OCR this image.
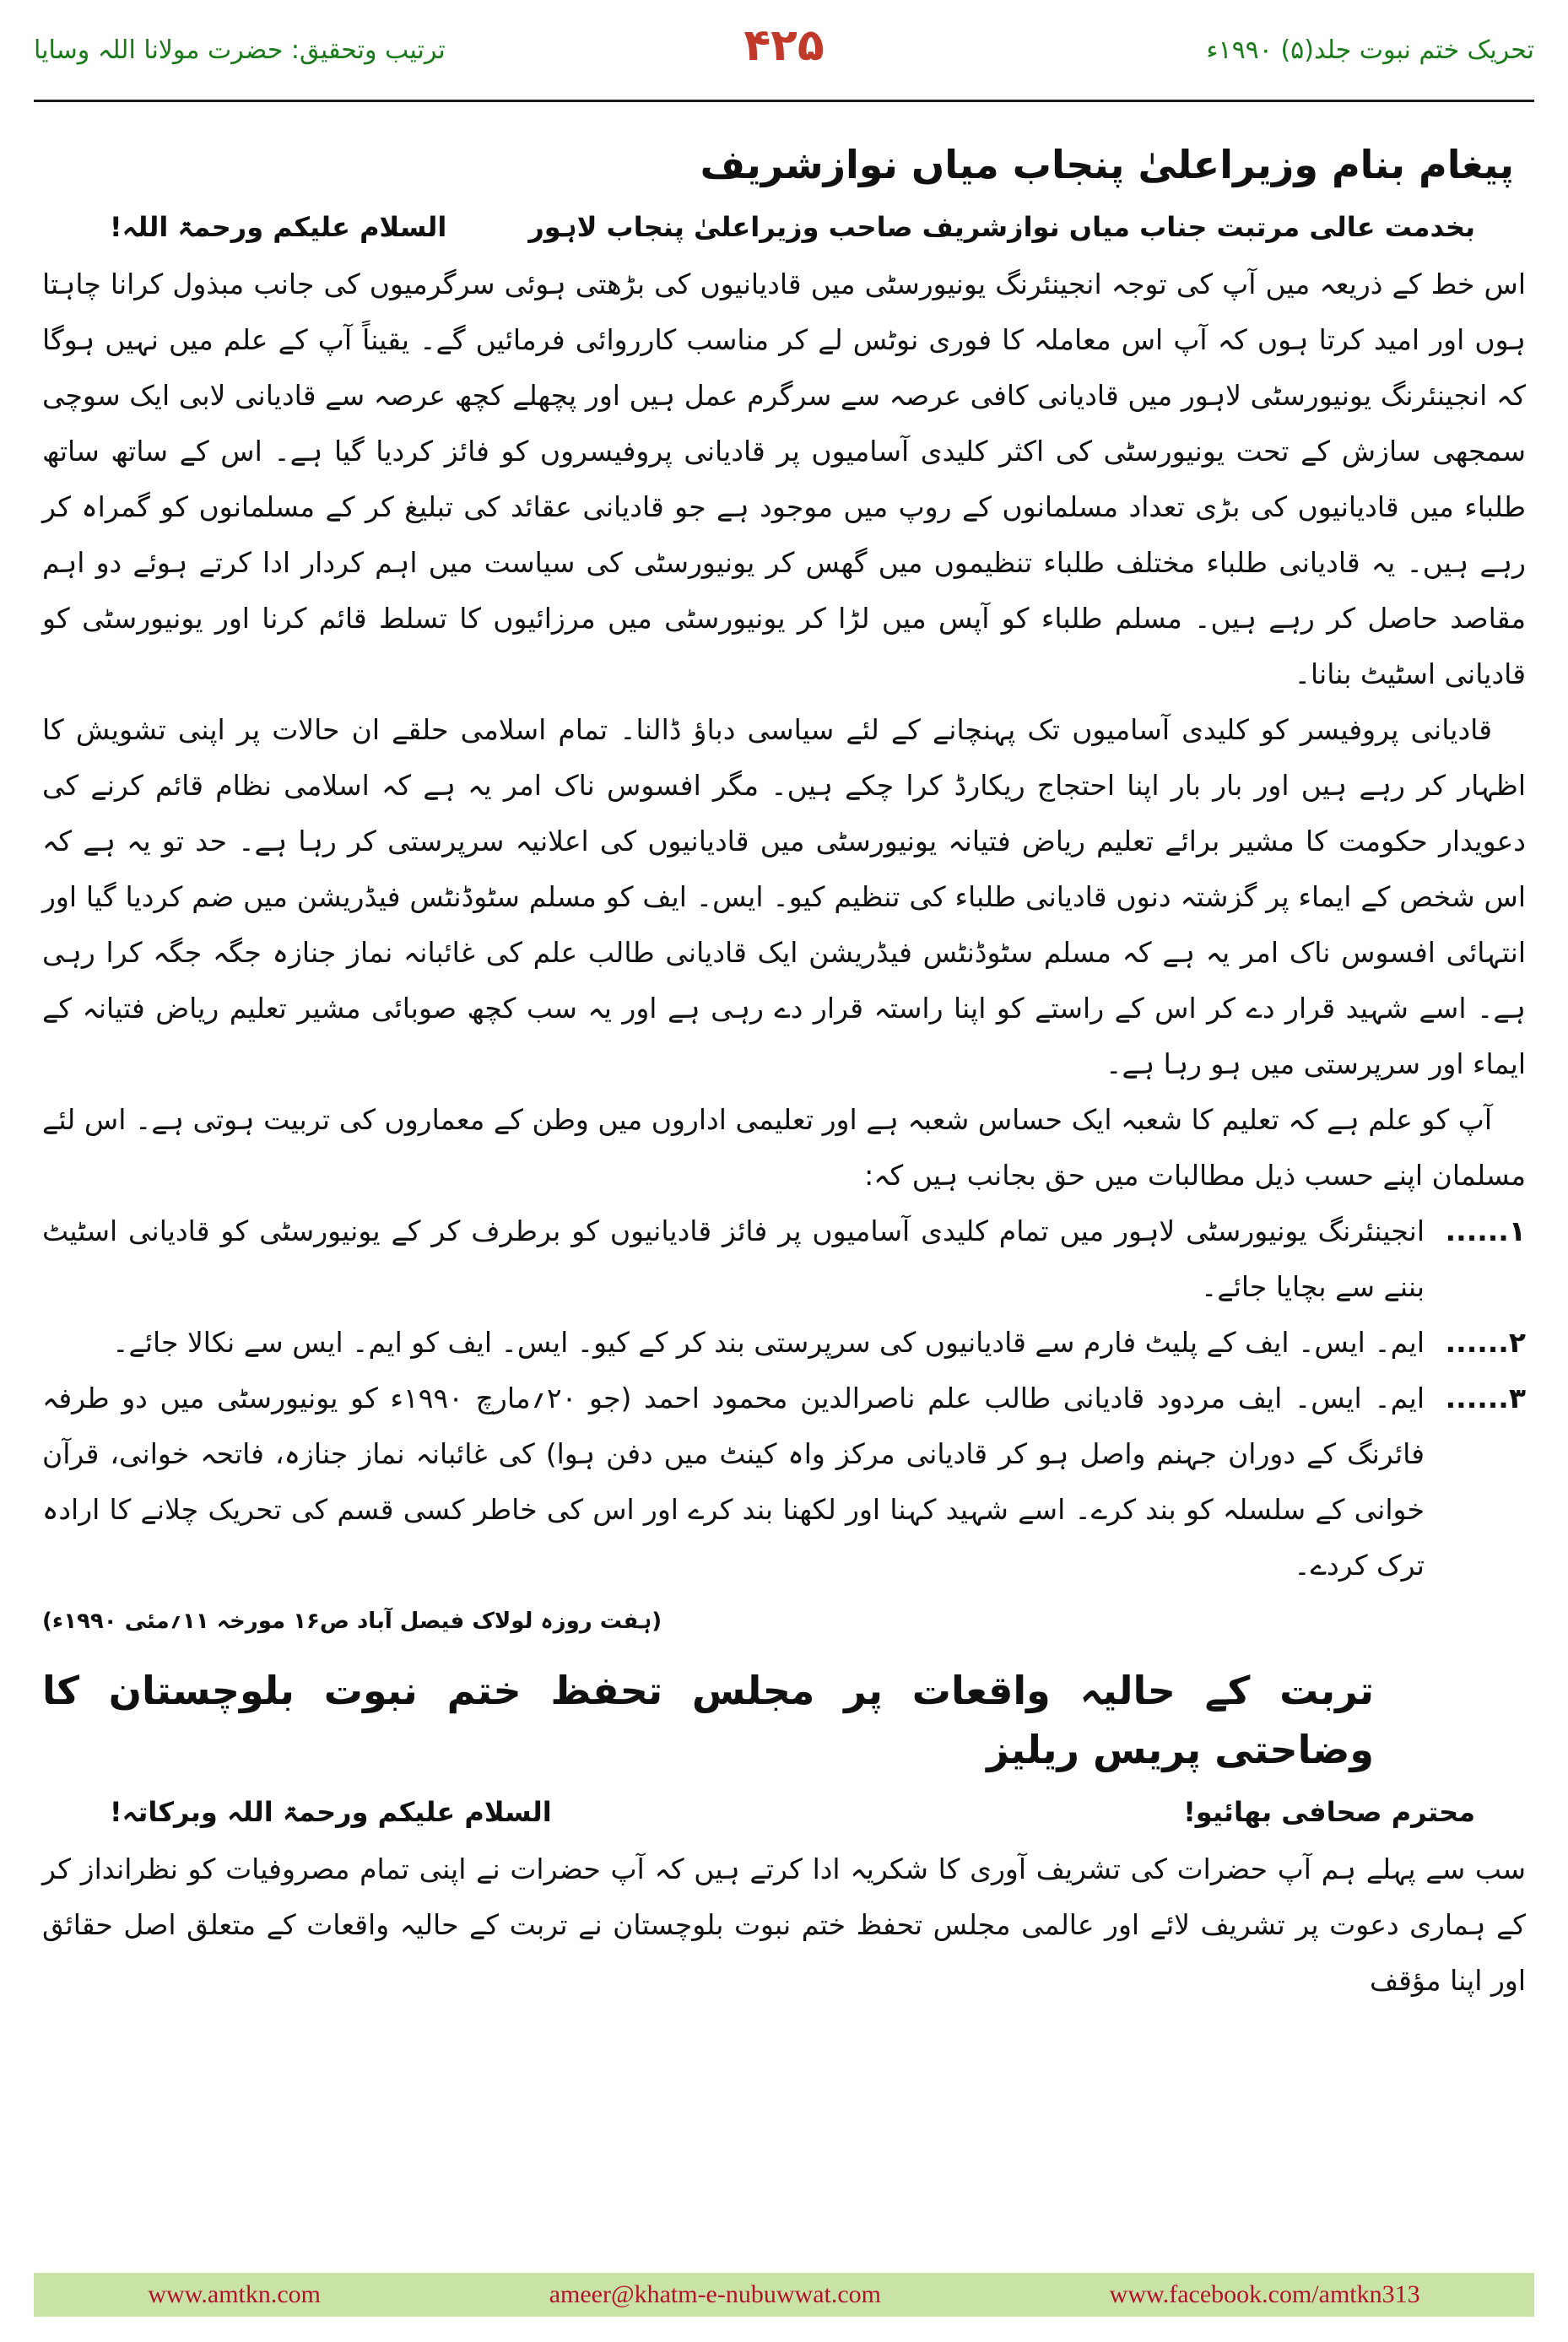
ترتیب وتحقیق: حضرت مولانا اللہ وسایا	۴۲۵	تحریک ختم نبوت جلد(۵) ۱۹۹۰ء
پیغام بنام وزیراعلیٰ پنجاب میاں نوازشریف
بخدمت عالی مرتبت جناب میاں نوازشریف صاحب وزیراعلیٰ پنجاب لاہور
السلام علیکم ورحمۃ اللہ!

اس خط کے ذریعہ میں آپ کی توجہ انجینئرنگ یونیورسٹی میں قادیانیوں کی بڑھتی ہوئی سرگرمیوں کی جانب مبذول کرانا چاہتا ہوں اور امید کرتا ہوں کہ آپ اس معاملہ کا فوری نوٹس لے کر مناسب کارروائی فرمائیں گے۔ یقیناً آپ کے علم میں نہیں ہوگا کہ انجینئرنگ یونیورسٹی لاہور میں قادیانی کافی عرصہ سے سرگرم عمل ہیں اور پچھلے کچھ عرصہ سے قادیانی لابی ایک سوچی سمجھی سازش کے تحت یونیورسٹی کی اکثر کلیدی آسامیوں پر قادیانی پروفیسروں کو فائز کردیا گیا ہے۔ اس کے ساتھ ساتھ طلباء میں قادیانیوں کی بڑی تعداد مسلمانوں کے روپ میں موجود ہے جو قادیانی عقائد کی تبلیغ کر کے مسلمانوں کو گمراہ کر رہے ہیں۔ یہ قادیانی طلباء مختلف طلباء تنظیموں میں گھس کر یونیورسٹی کی سیاست میں اہم کردار ادا کرتے ہوئے دو اہم مقاصد حاصل کر رہے ہیں۔ مسلم طلباء کو آپس میں لڑا کر یونیورسٹی میں مرزائیوں کا تسلط قائم کرنا اور یونیورسٹی کو قادیانی اسٹیٹ بنانا۔

قادیانی پروفیسر کو کلیدی آسامیوں تک پہنچانے کے لئے سیاسی دباؤ ڈالنا۔ تمام اسلامی حلقے ان حالات پر اپنی تشویش کا اظہار کر رہے ہیں اور بار بار اپنا احتجاج ریکارڈ کرا چکے ہیں۔ مگر افسوس ناک امر یہ ہے کہ اسلامی نظام قائم کرنے کی دعویدار حکومت کا مشیر برائے تعلیم ریاض فتیانہ یونیورسٹی میں قادیانیوں کی اعلانیہ سرپرستی کر رہا ہے۔ حد تو یہ ہے کہ اس شخص کے ایماء پر گزشتہ دنوں قادیانی طلباء کی تنظیم کیو۔ ایس۔ ایف کو مسلم سٹوڈنٹس فیڈریشن میں ضم کردیا گیا اور انتہائی افسوس ناک امر یہ ہے کہ مسلم سٹوڈنٹس فیڈریشن ایک قادیانی طالب علم کی غائبانہ نماز جنازہ جگہ جگہ کرا رہی ہے۔ اسے شہید قرار دے کر اس کے راستے کو اپنا راستہ قرار دے رہی ہے اور یہ سب کچھ صوبائی مشیر تعلیم ریاض فتیانہ کے ایماء اور سرپرستی میں ہو رہا ہے۔

آپ کو علم ہے کہ تعلیم کا شعبہ ایک حساس شعبہ ہے اور تعلیمی اداروں میں وطن کے معماروں کی تربیت ہوتی ہے۔ اس لئے مسلمان اپنے حسب ذیل مطالبات میں حق بجانب ہیں کہ:

۱......
انجینئرنگ یونیورسٹی لاہور میں تمام کلیدی آسامیوں پر فائز قادیانیوں کو برطرف کر کے یونیورسٹی کو قادیانی اسٹیٹ بننے سے بچایا جائے۔
۲......
ایم۔ ایس۔ ایف کے پلیٹ فارم سے قادیانیوں کی سرپرستی بند کر کے کیو۔ ایس۔ ایف کو ایم۔ ایس سے نکالا جائے۔
۳......
ایم۔ ایس۔ ایف مردود قادیانی طالب علم ناصرالدین محمود احمد (جو ۲۰؍مارچ ۱۹۹۰ء کو یونیورسٹی میں دو طرفہ فائرنگ کے دوران جہنم واصل ہو کر قادیانی مرکز واہ کینٹ میں دفن ہوا) کی غائبانہ نماز جنازہ، فاتحہ خوانی، قرآن خوانی کے سلسلہ کو بند کرے۔ اسے شہید کہنا اور لکھنا بند کرے اور اس کی خاطر کسی قسم کی تحریک چلانے کا ارادہ ترک کردے۔
(ہفت روزہ لولاک فیصل آباد ص۱۶ مورخہ ۱۱؍مئی ۱۹۹۰ء)
تربت کے حالیہ واقعات پر مجلس تحفظ ختم نبوت بلوچستان کا وضاحتی پریس ریلیز
محترم صحافی بھائیو!
السلام علیکم ورحمۃ اللہ وبرکاتہ!

سب سے پہلے ہم آپ حضرات کی تشریف آوری کا شکریہ ادا کرتے ہیں کہ آپ حضرات نے اپنی تمام مصروفیات کو نظرانداز کر کے ہماری دعوت پر تشریف لائے اور عالمی مجلس تحفظ ختم نبوت بلوچستان نے تربت کے حالیہ واقعات کے متعلق اصل حقائق اور اپنا مؤقف

www.amtkn.com	ameer@khatm-e-nubuwwat.com	www.facebook.com/amtkn313
